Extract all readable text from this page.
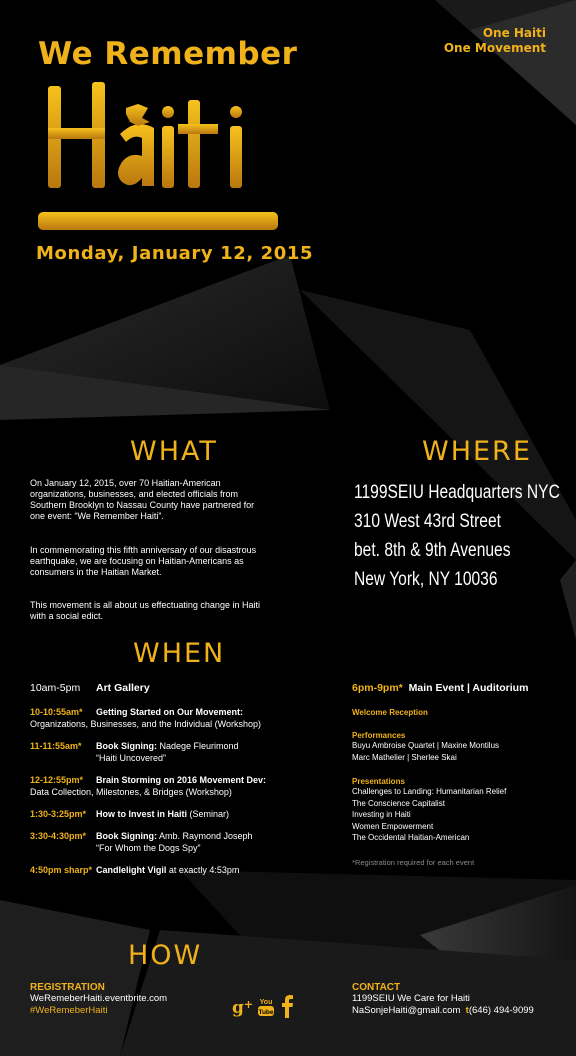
One Haiti
One Movement
We Remember
Monday, January 12, 2015
WHAT
On January 12, 2015, over 70 Haitian-American organizations, businesses, and elected officials from Southern Brooklyn to Nassau County have partnered for one event: “We Remember Haiti”.
In commemorating this fifth anniversary of our disastrous earthquake, we are focusing on Haitian-Americans as consumers in the Haitian Market.
This movement is all about us effectuating change in Haiti with a social edict.
WHERE
1199SEIU Headquarters NYC
310 West 43rd Street
bet. 8th & 9th Avenues
New York, NY 10036
WHEN
10am-5pm Art Gallery
10-10:55am* Getting Started on Our Movement:
Organizations, Businesses, and the Individual (Workshop)
11-11:55am* Book Signing: Nadege Fleurimond
“Haiti Uncovered”
12-12:55pm* Brain Storming on 2016 Movement Dev:
Data Collection, Milestones, & Bridges (Workshop)
1:30-3:25pm* How to Invest in Haiti (Seminar)
3:30-4:30pm* Book Signing: Amb. Raymond Joseph
“For Whom the Dogs Spy”
4:50pm sharp* Candlelight Vigil at exactly 4:53pm
6pm-9pm* Main Event | Auditorium
Welcome Reception
Performances
Buyu Ambroise Quartet | Maxine Montilus
Marc Mathelier | Sherlee Skai
Presentations
Challenges to Landing: Humanitarian Relief
The Conscience Capitalist
Investing in Haiti
Women Empowerment
The Occidental Haitian-American
*Registration required for each event
HOW
REGISTRATION
WeRemeberHaiti.eventbrite.com
#WeRemeberHaiti	g+ You
Tube
CONTACT
1199SEIU We Care for Haiti
NaSonjeHaiti@gmail.com t(646) 494-9099
